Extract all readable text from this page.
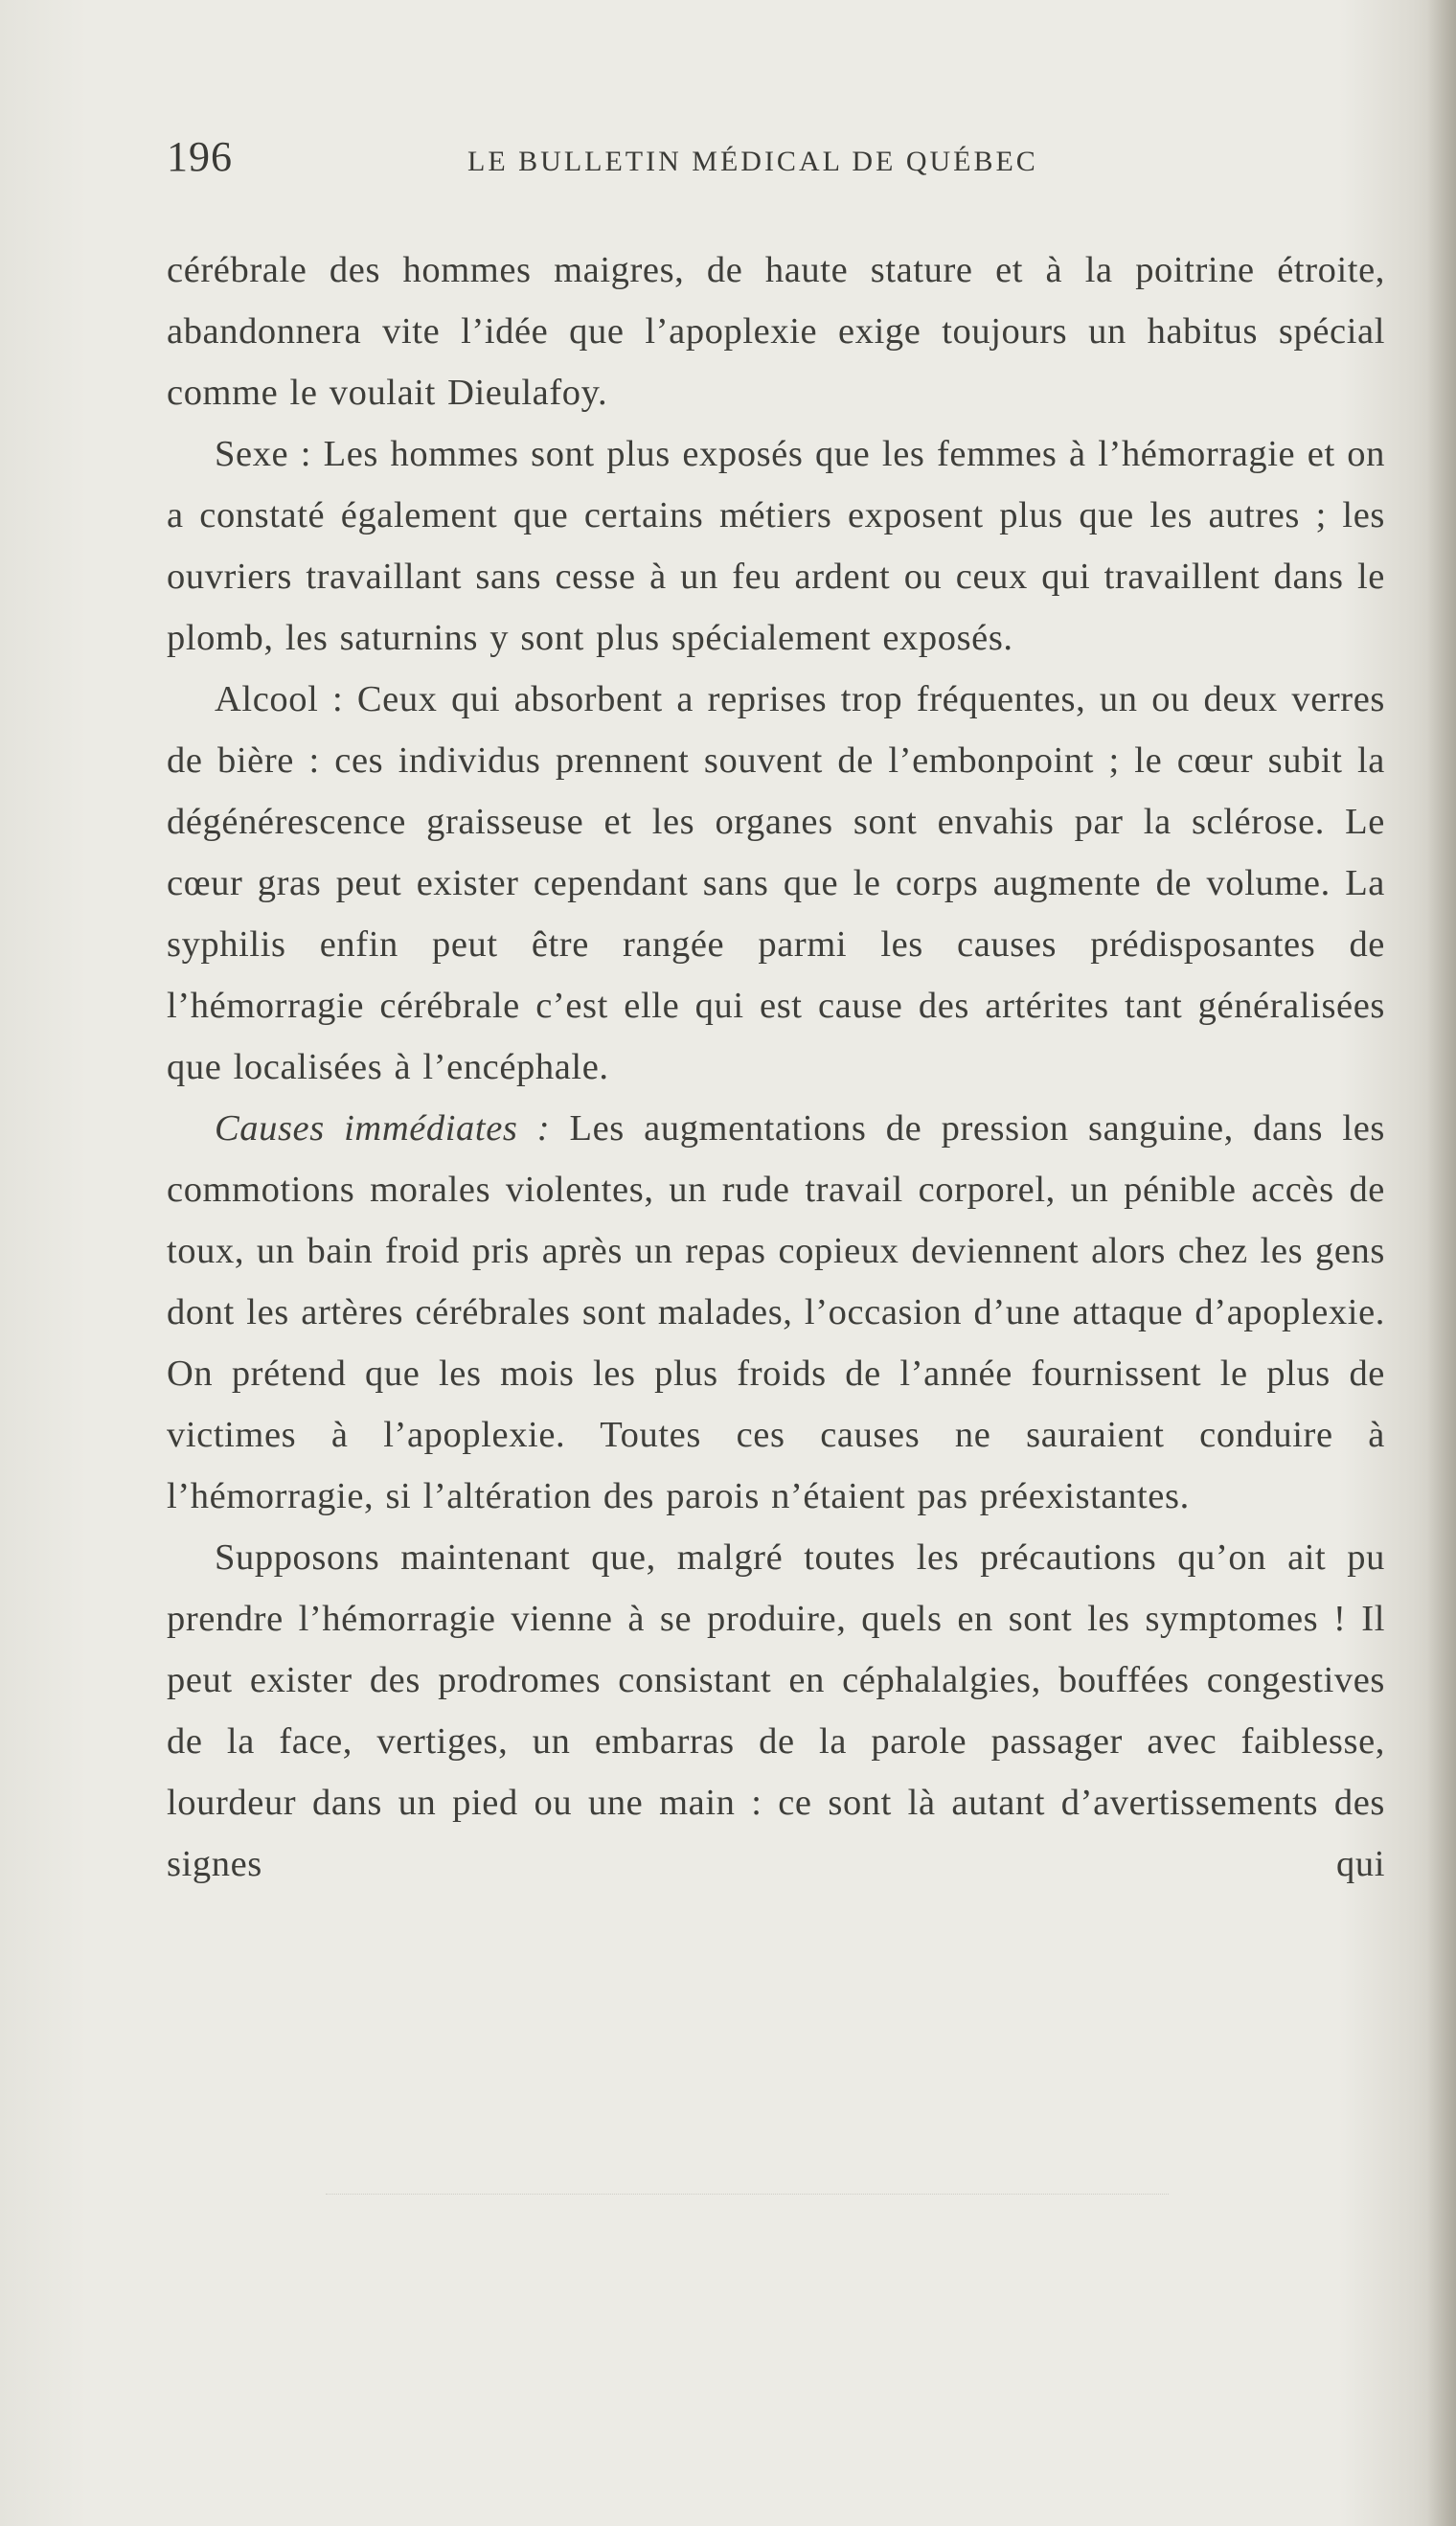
196	LE BULLETIN MÉDICAL DE QUÉBEC

cérébrale des hommes maigres, de haute stature et à la poitrine étroite, abandonnera vite l’idée que l’apoplexie exige toujours un habitus spécial comme le voulait Dieulafoy.

Sexe : Les hommes sont plus exposés que les femmes à l’hémorragie et on a constaté également que certains métiers exposent plus que les autres ; les ouvriers travaillant sans cesse à un feu ardent ou ceux qui travaillent dans le plomb, les saturnins y sont plus spécialement exposés.

Alcool : Ceux qui absorbent a reprises trop fréquentes, un ou deux verres de bière : ces individus prennent souvent de l’embonpoint ; le cœur subit la dégénérescence graisseuse et les organes sont envahis par la sclérose. Le cœur gras peut exister cependant sans que le corps augmente de volume. La syphilis enfin peut être rangée parmi les causes prédisposantes de l’hémorragie cérébrale c’est elle qui est cause des artérites tant généralisées que localisées à l’encéphale.

Causes immédiates : Les augmentations de pression sanguine, dans les commotions morales violentes, un rude travail corporel, un pénible accès de toux, un bain froid pris après un repas copieux deviennent alors chez les gens dont les artères cérébrales sont malades, l’occasion d’une attaque d’apoplexie. On prétend que les mois les plus froids de l’année fournissent le plus de victimes à l’apoplexie. Toutes ces causes ne sauraient conduire à l’hémorragie, si l’altération des parois n’étaient pas préexistantes.

Supposons maintenant que, malgré toutes les précautions qu’on ait pu prendre l’hémorragie vienne à se produire, quels en sont les symptomes ! Il peut exister des prodromes consistant en céphalalgies, bouffées congestives de la face, vertiges, un embarras de la parole passager avec faiblesse, lourdeur dans un pied ou une main : ce sont là autant d’avertissements des signes qui
